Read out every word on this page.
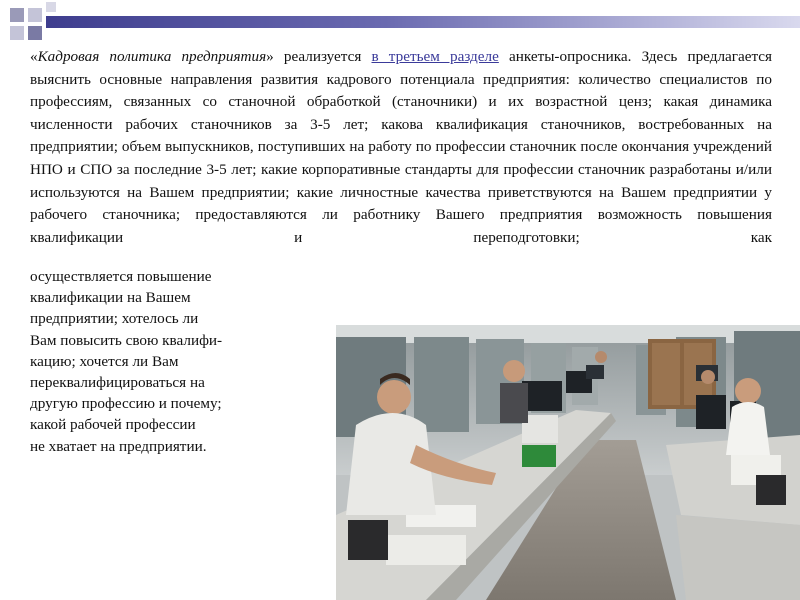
«Кадровая политика предприятия» реализуется в третьем разделе анкеты-опросника. Здесь предлагается выяснить основные направления развития кадрового потенциала предприятия: количество специалистов по профессиям, связанных со станочной обработкой (станочники) и их возрастной ценз; какая динамика численности рабочих станочников за 3-5 лет; какова квалификация станочников, востребованных на предприятии; объем выпускников, поступивших на работу по профессии станочник после окончания учреждений НПО и СПО за последние 3-5 лет; какие корпоративные стандарты для профессии станочник разработаны и/или используются на Вашем предприятии; какие личностные качества приветствуются на Вашем предприятии у рабочего станочника; предоставляются ли работнику Вашего предприятия возможность повышения квалификации и переподготовки; как
осуществляется повышение
квалификации на Вашем
предприятии; хотелось ли
Вам повысить свою квалифи-
кацию; хочется ли Вам
переквалифицироваться на
другую профессию и почему;
какой рабочей профессии
не хватает на предприятии.
